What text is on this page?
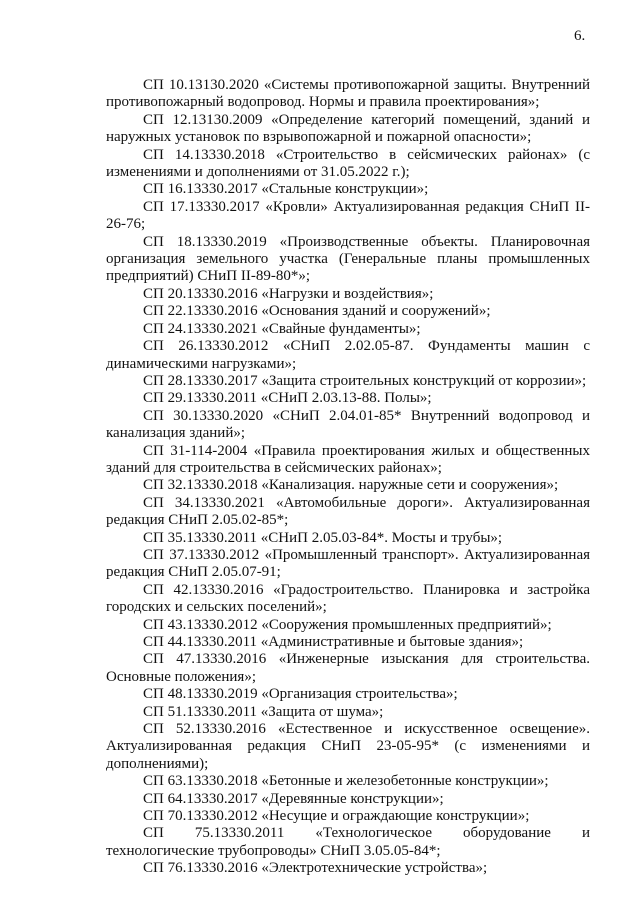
6.

СП 10.13130.2020 «Системы противопожарной защиты. Внутренний противопожарный водопровод. Нормы и правила проектирования»;

СП 12.13130.2009 «Определение категорий помещений, зданий и наружных установок по взрывопожарной и пожарной опасности»;

СП 14.13330.2018 «Строительство в сейсмических районах» (с изменениями и дополнениями от 31.05.2022 г.);

СП 16.13330.2017 «Стальные конструкции»;

СП 17.13330.2017 «Кровли» Актуализированная редакция СНиП II-26-76;

СП 18.13330.2019 «Производственные объекты. Планировочная организация земельного участка (Генеральные планы промышленных предприятий) СНиП II-89-80*»;

СП 20.13330.2016 «Нагрузки и воздействия»;

СП 22.13330.2016 «Основания зданий и сооружений»;

СП 24.13330.2021 «Свайные фундаменты»;

СП 26.13330.2012 «СНиП 2.02.05-87. Фундаменты машин с динамическими нагрузками»;

СП 28.13330.2017 «Защита строительных конструкций от коррозии»;

СП 29.13330.2011 «СНиП 2.03.13-88. Полы»;

СП 30.13330.2020 «СНиП 2.04.01-85* Внутренний водопровод и канализация зданий»;

СП 31-114-2004 «Правила проектирования жилых и общественных зданий для строительства в сейсмических районах»;

СП 32.13330.2018 «Канализация. наружные сети и сооружения»;

СП 34.13330.2021 «Автомобильные дороги». Актуализированная редакция СНиП 2.05.02-85*;

СП 35.13330.2011 «СНиП 2.05.03-84*. Мосты и трубы»;

СП 37.13330.2012 «Промышленный транспорт». Актуализированная редакция СНиП 2.05.07-91;

СП 42.13330.2016 «Градостроительство. Планировка и застройка городских и сельских поселений»;

СП 43.13330.2012 «Сооружения промышленных предприятий»;

СП 44.13330.2011 «Административные и бытовые здания»;

СП 47.13330.2016 «Инженерные изыскания для строительства. Основные положения»;

СП 48.13330.2019 «Организация строительства»;

СП 51.13330.2011 «Защита от шума»;

СП 52.13330.2016 «Естественное и искусственное освещение». Актуализированная редакция СНиП 23-05-95* (с изменениями и дополнениями);

СП 63.13330.2018 «Бетонные и железобетонные конструкции»;

СП 64.13330.2017 «Деревянные конструкции»;

СП 70.13330.2012 «Несущие и ограждающие конструкции»;

СП 75.13330.2011 «Технологическое оборудование и технологические трубопроводы» СНиП 3.05.05-84*;

СП 76.13330.2016 «Электротехнические устройства»;
